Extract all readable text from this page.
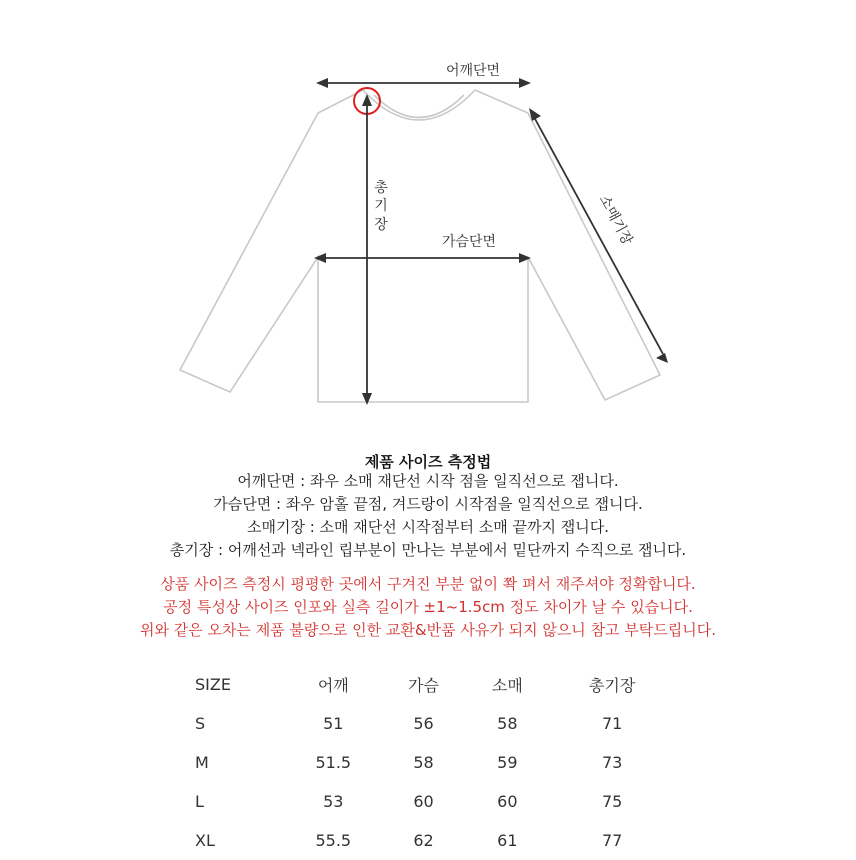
어깨단면
총
기
장
가슴단면	소매기장
제품 사이즈 측정법
어깨단면 : 좌우 소매 재단선 시작 점을 일직선으로 잽니다.
가슴단면 : 좌우 암홀 끝점, 겨드랑이 시작점을 일직선으로 잽니다.
소매기장 : 소매 재단선 시작점부터 소매 끝까지 잽니다.
총기장 : 어깨선과 넥라인 립부분이 만나는 부분에서 밑단까지 수직으로 잽니다.
상품 사이즈 측정시 평평한 곳에서 구겨진 부분 없이 쫙 펴서 재주셔야 정확합니다.
공정 특성상 사이즈 인포와 실측 길이가 ±1~1.5cm 정도 차이가 날 수 있습니다.
위와 같은 오차는 제품 불량으로 인한 교환&반품 사유가 되지 않으니 참고 부탁드립니다.
SIZE	어깨	가슴	소매	총기장
S	51	56	58	71
M	51.5	58	59	73
L	53	60	60	75
XL	55.5	62	61	77
